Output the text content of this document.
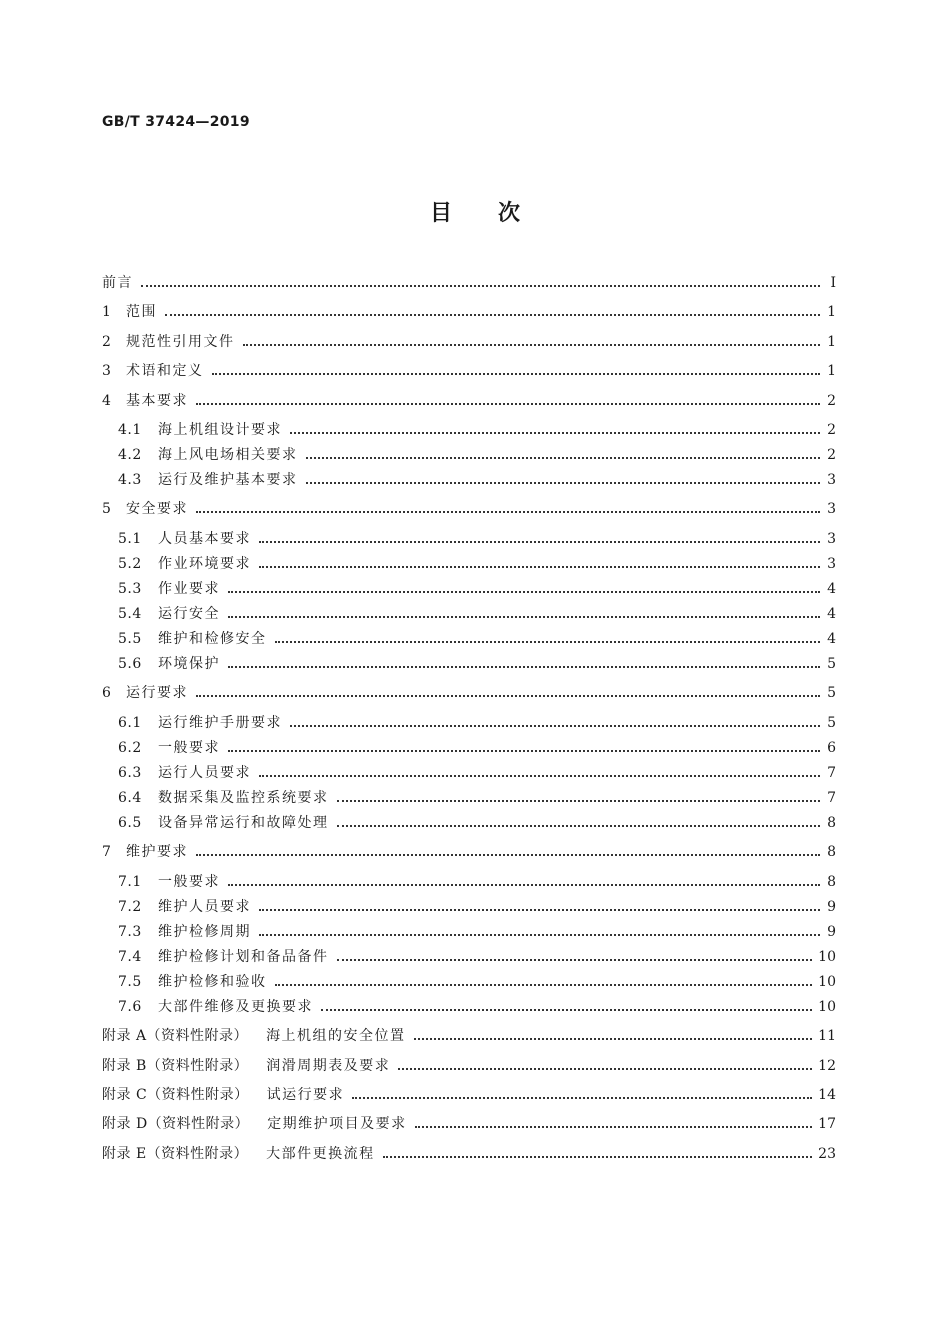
GB/T 37424—2019
目次
前言	I
1	范围	1
2	规范性引用文件	1
3	术语和定义	1
4	基本要求	2
4.1	海上机组设计要求	2
4.2	海上风电场相关要求	2
4.3	运行及维护基本要求	3
5	安全要求	3
5.1	人员基本要求	3
5.2	作业环境要求	3
5.3	作业要求	4
5.4	运行安全	4
5.5	维护和检修安全	4
5.6	环境保护	5
6	运行要求	5
6.1	运行维护手册要求	5
6.2	一般要求	6
6.3	运行人员要求	7
6.4	数据采集及监控系统要求	7
6.5	设备异常运行和故障处理	8
7	维护要求	8
7.1	一般要求	8
7.2	维护人员要求	9
7.3	维护检修周期	9
7.4	维护检修计划和备品备件	10
7.5	维护检修和验收	10
7.6	大部件维修及更换要求	10
附录 A（资料性附录） 海上机组的安全位置	11
附录 B（资料性附录） 润滑周期表及要求	12
附录 C（资料性附录） 试运行要求	14
附录 D（资料性附录） 定期维护项目及要求	17
附录 E（资料性附录） 大部件更换流程	23
